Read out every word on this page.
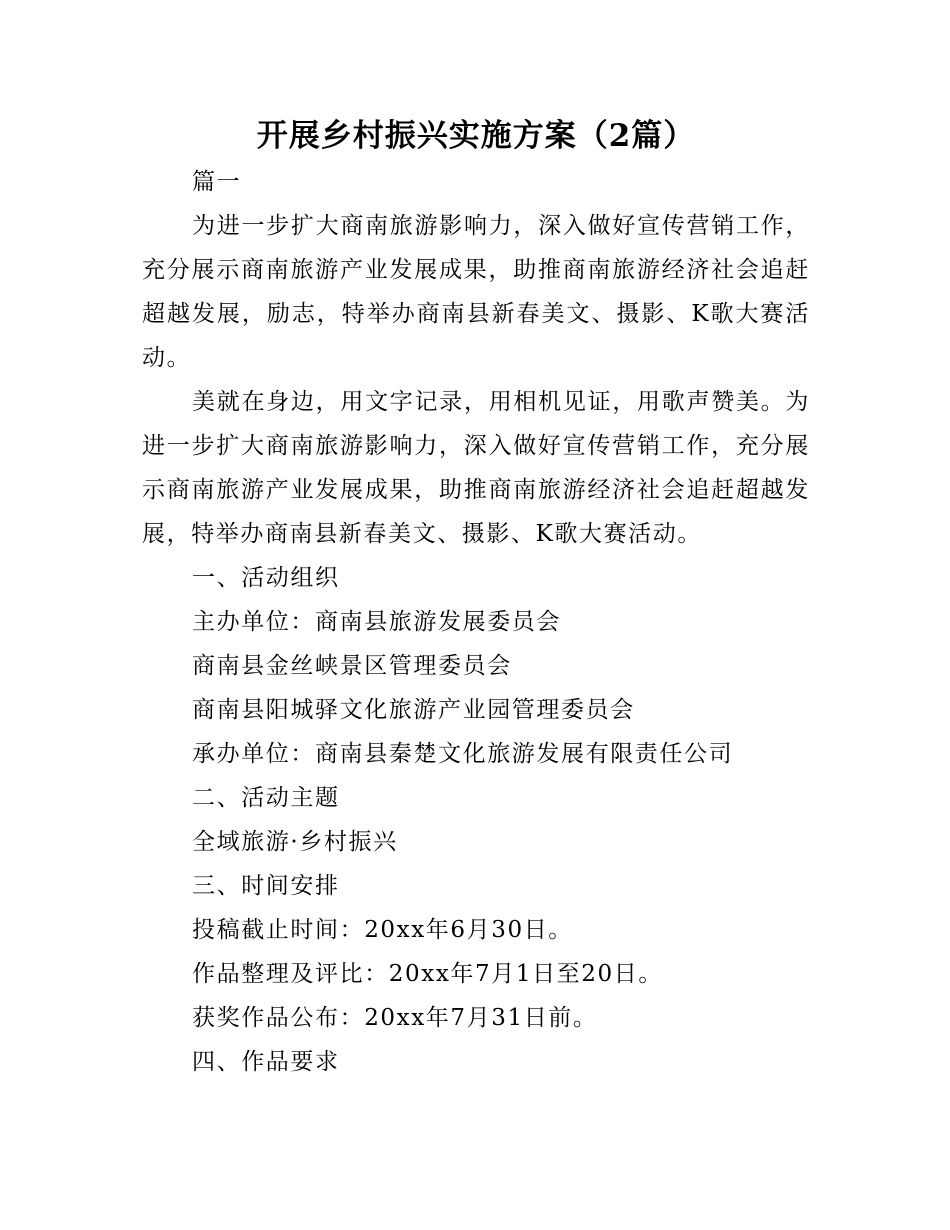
开展乡村振兴实施方案（2篇）

篇一

为进一步扩大商南旅游影响力，深入做好宣传营销工作，充分展示商南旅游产业发展成果，助推商南旅游经济社会追赶超越发展，励志，特举办商南县新春美文、摄影、K歌大赛活动。

美就在身边，用文字记录，用相机见证，用歌声赞美。为进一步扩大商南旅游影响力，深入做好宣传营销工作，充分展示商南旅游产业发展成果，助推商南旅游经济社会追赶超越发展，特举办商南县新春美文、摄影、K歌大赛活动。

一、活动组织

主办单位：商南县旅游发展委员会

商南县金丝峡景区管理委员会

商南县阳城驿文化旅游产业园管理委员会

承办单位：商南县秦楚文化旅游发展有限责任公司

二、活动主题

全域旅游·乡村振兴

三、时间安排

投稿截止时间：20xx年6月30日。

作品整理及评比：20xx年7月1日至20日。

获奖作品公布：20xx年7月31日前。

四、作品要求
